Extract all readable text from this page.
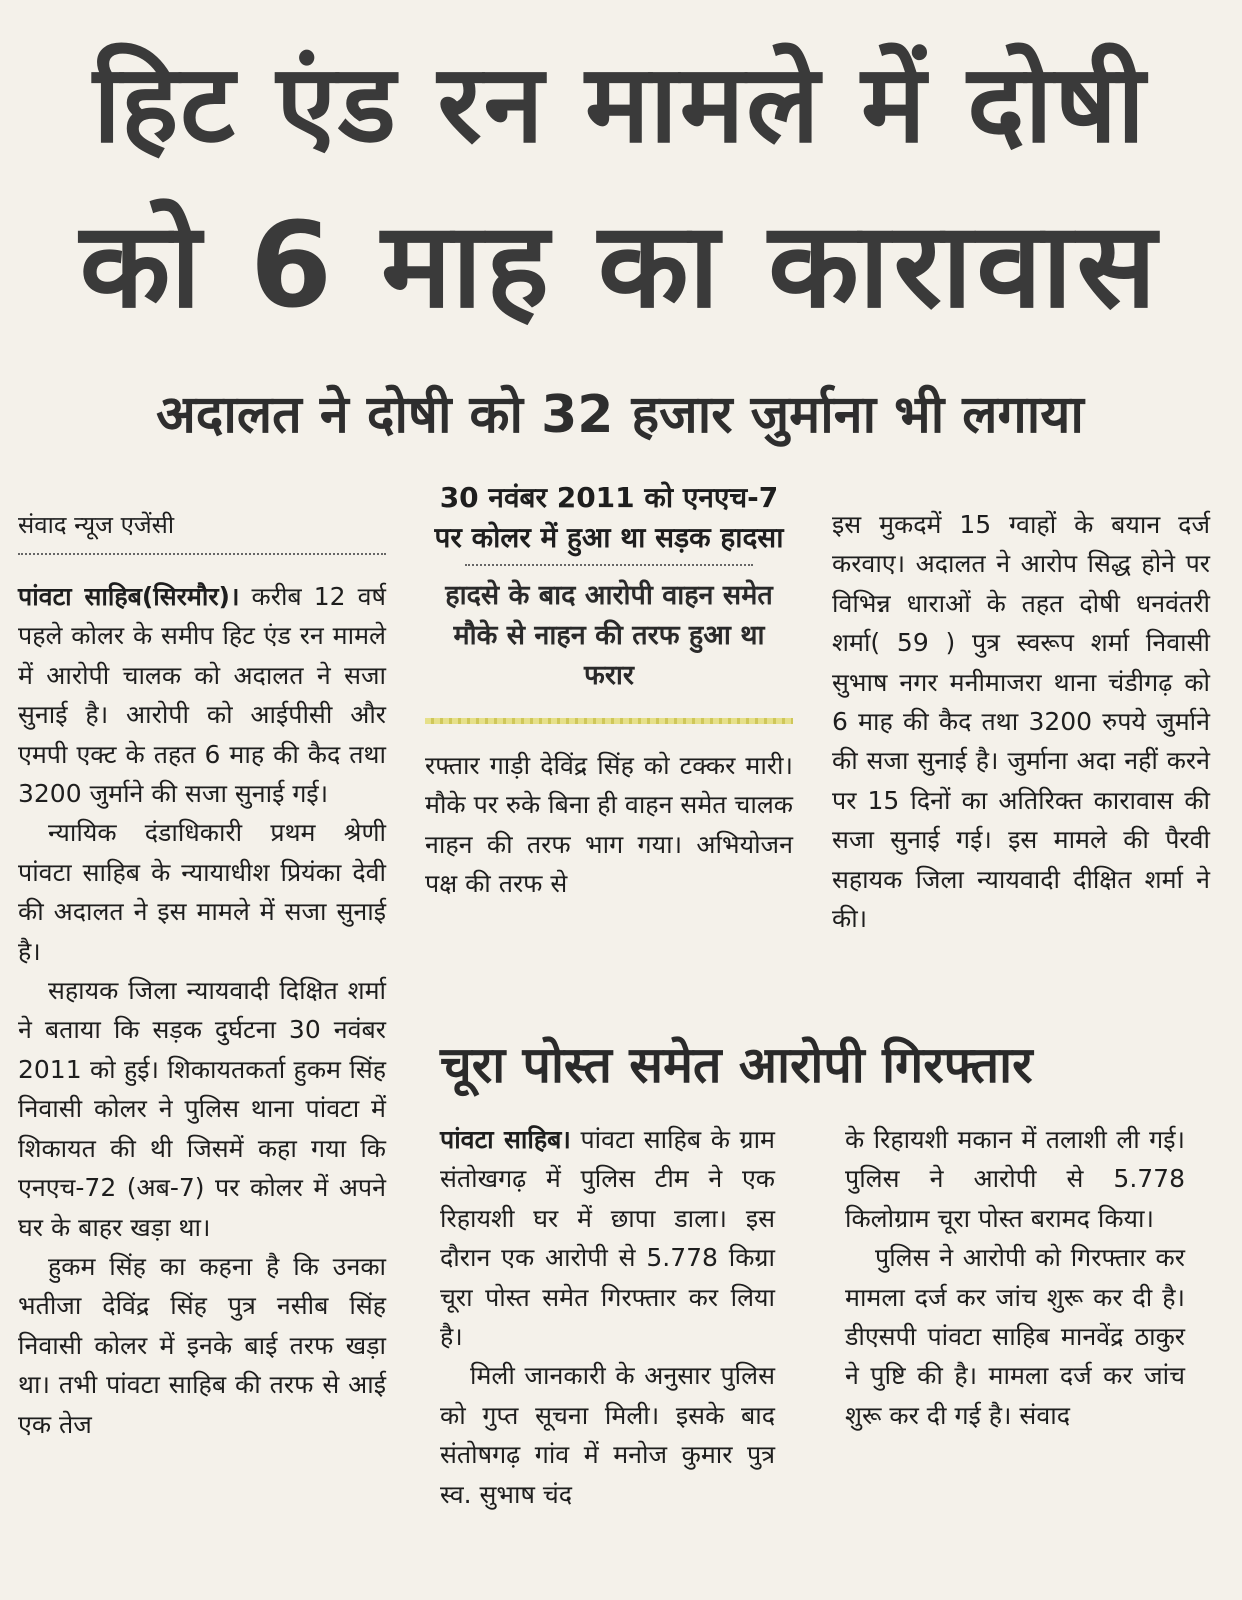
हिट एंड रन मामले में दोषी
को 6 माह का कारावास
अदालत ने दोषी को 32 हजार जुर्माना भी लगाया
संवाद न्यूज एजेंसी

पांवटा साहिब(सिरमौर)। करीब 12 वर्ष पहले कोलर के समीप हिट एंड रन मामले में आरोपी चालक को अदालत ने सजा सुनाई है। आरोपी को आईपीसी और एमपी एक्ट के तहत 6 माह की कैद तथा 3200 जुर्माने की सजा सुनाई गई।

न्यायिक दंडाधिकारी प्रथम श्रेणी पांवटा साहिब के न्यायाधीश प्रियंका देवी की अदालत ने इस मामले में सजा सुनाई है।

सहायक जिला न्यायवादी दिक्षित शर्मा ने बताया कि सड़क दुर्घटना 30 नवंबर 2011 को हुई। शिकायतकर्ता हुकम सिंह निवासी कोलर ने पुलिस थाना पांवटा में शिकायत की थी जिसमें कहा गया कि एनएच-72 (अब-7) पर कोलर में अपने घर के बाहर खड़ा था।

हुकम सिंह का कहना है कि उनका भतीजा देविंद्र सिंह पुत्र नसीब सिंह निवासी कोलर में इनके बाई तरफ खड़ा था। तभी पांवटा साहिब की तरफ से आई एक तेज

30 नवंबर 2011 को एनएच-7 पर कोलर में हुआ था सड़क हादसा
हादसे के बाद आरोपी वाहन समेत मौके से नाहन की तरफ हुआ था फरार
रफ्तार गाड़ी देविंद्र सिंह को टक्कर मारी। मौके पर रुके बिना ही वाहन समेत चालक नाहन की तरफ भाग गया। अभियोजन पक्ष की तरफ से

इस मुकदमें 15 ग्वाहों के बयान दर्ज करवाए। अदालत ने आरोप सिद्ध होने पर विभिन्न धाराओं के तहत दोषी धनवंतरी शर्मा( 59 ) पुत्र स्वरूप शर्मा निवासी सुभाष नगर मनीमाजरा थाना चंडीगढ़ को 6 माह की कैद तथा 3200 रुपये जुर्माने की सजा सुनाई है। जुर्माना अदा नहीं करने पर 15 दिनों का अतिरिक्त कारावास की सजा सुनाई गई। इस मामले की पैरवी सहायक जिला न्यायवादी दीक्षित शर्मा ने की।

चूरा पोस्त समेत आरोपी गिरफ्तार

पांवटा साहिब। पांवटा साहिब के ग्राम संतोखगढ़ में पुलिस टीम ने एक रिहायशी घर में छापा डाला। इस दौरान एक आरोपी से 5.778 किग्रा चूरा पोस्त समेत गिरफ्तार कर लिया है।

मिली जानकारी के अनुसार पुलिस को गुप्त सूचना मिली। इसके बाद संतोषगढ़ गांव में मनोज कुमार पुत्र स्व. सुभाष चंद

के रिहायशी मकान में तलाशी ली गई। पुलिस ने आरोपी से 5.778 किलोग्राम चूरा पोस्त बरामद किया।

पुलिस ने आरोपी को गिरफ्तार कर मामला दर्ज कर जांच शुरू कर दी है। डीएसपी पांवटा साहिब मानवेंद्र ठाकुर ने पुष्टि की है। मामला दर्ज कर जांच शुरू कर दी गई है। संवाद
